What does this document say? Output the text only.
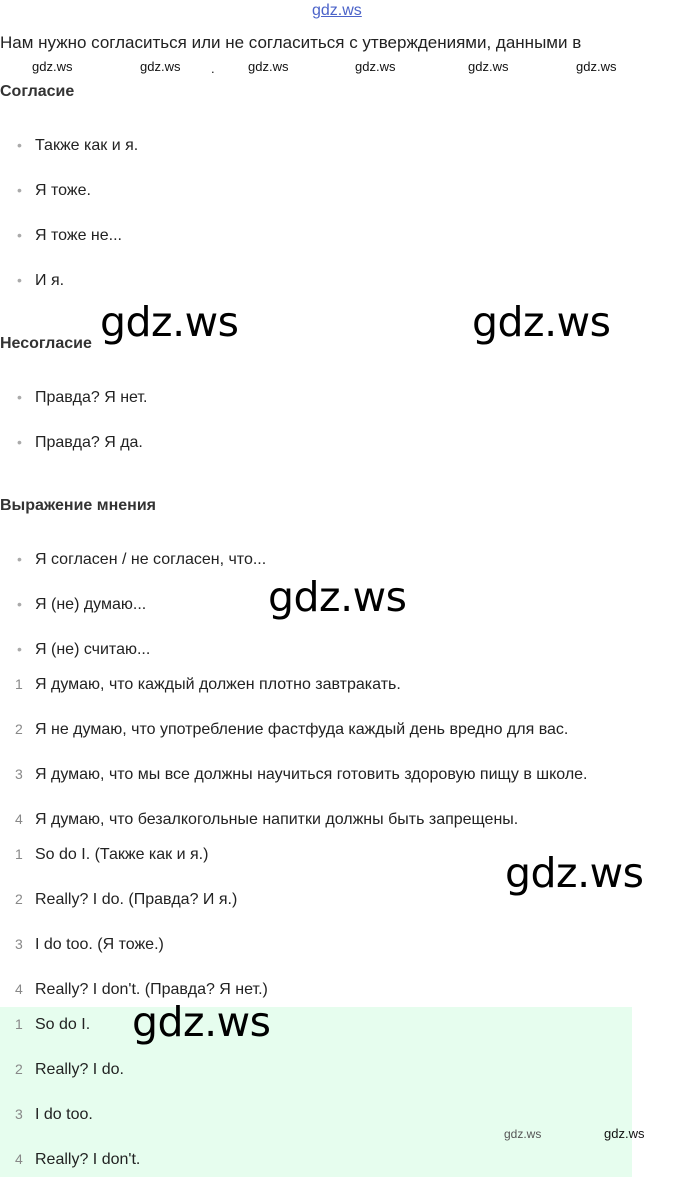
gdz.ws
Нам нужно согласиться или не согласиться с утверждениями, данными в
gdz.ws	gdz.ws .	gdz.ws	gdz.ws	gdz.ws	gdz.ws
Согласие
• Также как и я.
• Я тоже.
• Я тоже не...
• И я.
Несогласие
• Правда? Я нет.
• Правда? Я да.
Выражение мнения
• Я согласен / не согласен, что...
• Я (не) думаю...
• Я (не) считаю...
1 Я думаю, что каждый должен плотно завтракать.
2 Я не думаю, что употребление фастфуда каждый день вредно для вас.
3 Я думаю, что мы все должны научиться готовить здоровую пищу в школе.
4 Я думаю, что безалкогольные напитки должны быть запрещены.
1 So do I. (Также как и я.)
2 Really? I do. (Правда? И я.)
3 I do too. (Я тоже.)
4 Really? I don't. (Правда? Я нет.)
1 So do I.
2 Really? I do.
3 I do too.
4 Really? I don't.
gdz.ws	gdz.ws
gdz.ws
gdz.ws
gdz.ws
gdz.ws	gdz.ws
